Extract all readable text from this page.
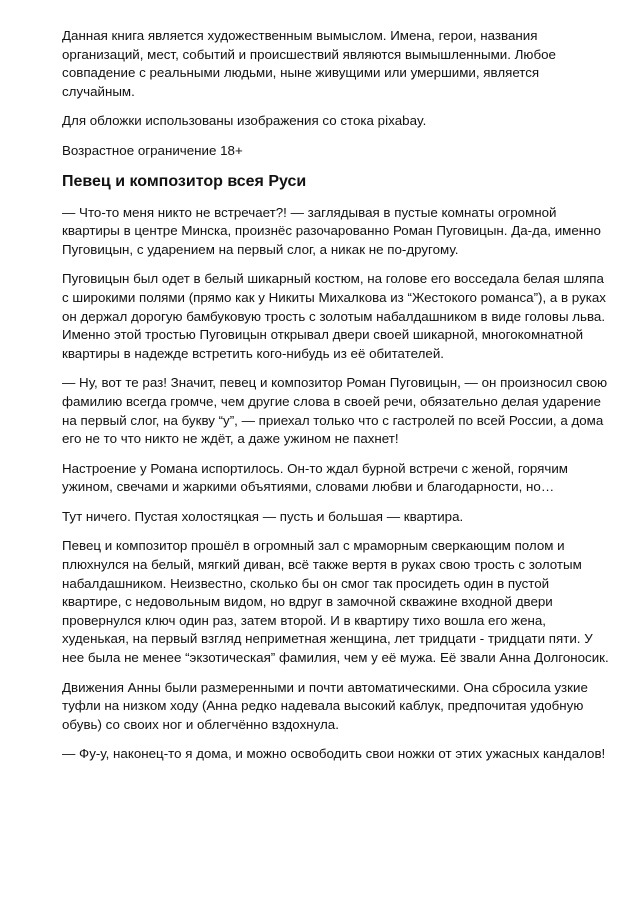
Данная книга является художественным вымыслом. Имена, герои, названия организаций, мест, событий и происшествий являются вымышленными. Любое совпадение с реальными людьми, ныне живущими или умершими, является случайным.

Для обложки использованы изображения со стока pixabay.

Возрастное ограничение 18+

Певец и композитор всея Руси

— Что-то меня никто не встречает?! — заглядывая в пустые комнаты огромной квартиры в центре Минска, произнёс разочарованно Роман Пуговицын. Да-да, именно Пуговицын, с ударением на первый слог, а никак не по-другому.

Пуговицын был одет в белый шикарный костюм, на голове его восседала белая шляпа с широкими полями (прямо как у Никиты Михалкова из “Жестокого романса”), а в руках он держал дорогую бамбуковую трость с золотым набалдашником в виде головы льва. Именно этой тростью Пуговицын открывал двери своей шикарной, многокомнатной квартиры в надежде встретить кого-нибудь из её обитателей.

— Ну, вот те раз! Значит, певец и композитор Роман Пуговицын, — он произносил свою фамилию всегда громче, чем другие слова в своей речи, обязательно делая ударение на первый слог, на букву “у”, — приехал только что с гастролей по всей России, а дома его не то что никто не ждёт, а даже ужином не пахнет!

Настроение у Романа испортилось. Он-то ждал бурной встречи с женой, горячим ужином, свечами и жаркими объятиями, словами любви и благодарности, но…

Тут ничего. Пустая холостяцкая — пусть и большая — квартира.

Певец и композитор прошёл в огромный зал с мраморным сверкающим полом и плюхнулся на белый, мягкий диван, всё также вертя в руках свою трость с золотым набалдашником. Неизвестно, сколько бы он смог так просидеть один в пустой квартире, с недовольным видом, но вдруг в замочной скважине входной двери провернулся ключ один раз, затем второй. И в квартиру тихо вошла его жена, худенькая, на первый взгляд неприметная женщина, лет тридцати - тридцати пяти. У нее была не менее “экзотическая” фамилия, чем у её мужа. Её звали Анна Долгоносик.

Движения Анны были размеренными и почти автоматическими. Она сбросила узкие туфли на низком ходу (Анна редко надевала высокий каблук, предпочитая удобную обувь) со своих ног и облегчённо вздохнула.

— Фу-у, наконец-то я дома, и можно освободить свои ножки от этих ужасных кандалов!
